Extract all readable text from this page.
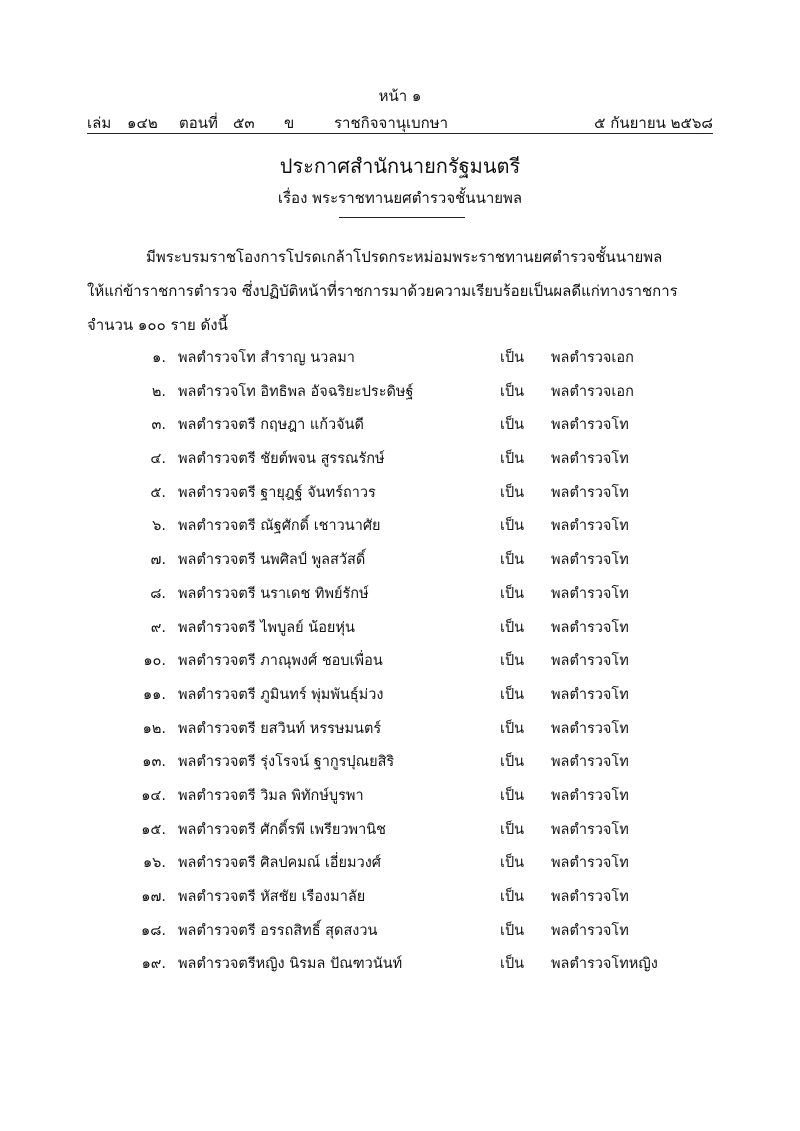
หน้า ๑
เล่ม ๑๔๒ ตอนที่ ๕๓ ข	ราชกิจจานุเบกษา	๕ กันยายน ๒๕๖๘
ประกาศสำนักนายกรัฐมนตรี
เรื่อง พระราชทานยศตำรวจชั้นนายพล
มีพระบรมราชโองการโปรดเกล้าโปรดกระหม่อมพระราชทานยศตำรวจชั้นนายพล
ให้แก่ข้าราชการตำรวจ ซึ่งปฏิบัติหน้าที่ราชการมาด้วยความเรียบร้อยเป็นผลดีแก่ทางราชการ
จำนวน ๑๐๐ ราย ดังนี้
๑. พลตำรวจโท สำราญ นวลมา	เป็น พลตำรวจเอก
๒. พลตำรวจโท อิทธิพล อัจฉริยะประดิษฐ์	เป็น พลตำรวจเอก
๓. พลตำรวจตรี กฤษฎา แก้วจันดี	เป็น พลตำรวจโท
๔. พลตำรวจตรี ชัยต์พจน สูรรณรักษ์	เป็น พลตำรวจโท
๕. พลตำรวจตรี ฐายุฎฐ์ จันทร์ถาวร	เป็น พลตำรวจโท
๖. พลตำรวจตรี ณัฐศักดิ์ เชาวนาศัย	เป็น พลตำรวจโท
๗. พลตำรวจตรี นพศิลป์ พูลสวัสดิ์	เป็น พลตำรวจโท
๘. พลตำรวจตรี นราเดช ทิพย์รักษ์	เป็น พลตำรวจโท
๙. พลตำรวจตรี ไพบูลย์ น้อยหุ่น	เป็น พลตำรวจโท
๑๐. พลตำรวจตรี ภาณุพงศ์ ชอบเพื่อน	เป็น พลตำรวจโท
๑๑. พลตำรวจตรี ภูมินทร์ พุ่มพันธุ์ม่วง	เป็น พลตำรวจโท
๑๒. พลตำรวจตรี ยสวินท์ หรรษมนตร์	เป็น พลตำรวจโท
๑๓. พลตำรวจตรี รุ่งโรจน์ ฐากูรปุณยสิริ	เป็น พลตำรวจโท
๑๔. พลตำรวจตรี วิมล พิทักษ์บูรพา	เป็น พลตำรวจโท
๑๕. พลตำรวจตรี ศักดิ์รพี เพรียวพานิช	เป็น พลตำรวจโท
๑๖. พลตำรวจตรี ศิลปคมณ์ เอี่ยมวงศ์	เป็น พลตำรวจโท
๑๗. พลตำรวจตรี หัสชัย เรืองมาลัย	เป็น พลตำรวจโท
๑๘. พลตำรวจตรี อรรถสิทธิ์ สุดสงวน	เป็น พลตำรวจโท
๑๙. พลตำรวจตรีหญิง นิรมล ปัณฑวนันท์	เป็น พลตำรวจโทหญิง
